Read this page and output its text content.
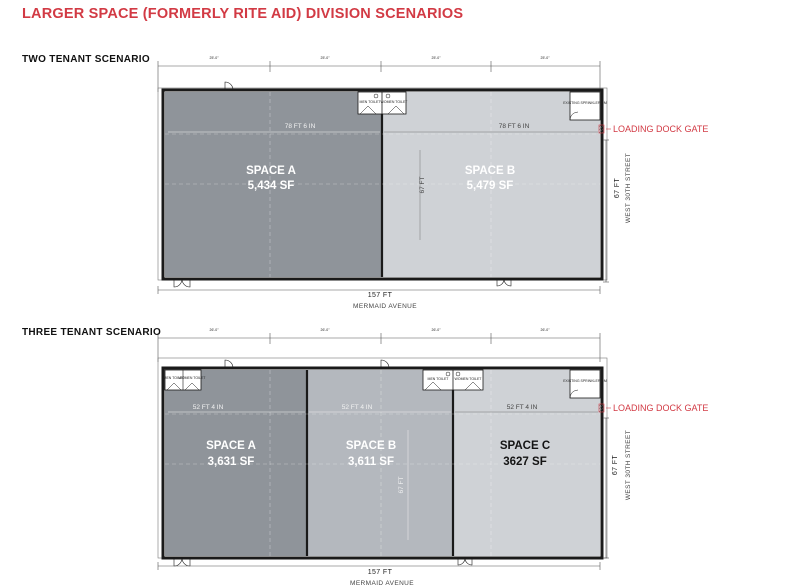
LARGER SPACE (FORMERLY RITE AID) DIVISION SCENARIOS
TWO TENANT SCENARIO
THREE TENANT SCENARIO
25'-0"	25'-0"	25'-0"	25'-0"
MEN TOILET WOMEN TOILET	EXISTING SPRINKLER RM
78 FT 6 IN	78 FT 6 IN
67 FT
SPACE A
5,434 SF
SPACE B
5,479 SF
LOADING DOCK GATE
67 FT WEST 30TH STREET
157 FT
MERMAID AVENUE
26'-0"	26'-0"	26'-0"	26'-0"
MEN TOILET
WOMEN TOILET	MEN TOILET WOMEN TOILET	EXISTING SPRINKLER RM
52 FT 4 IN	52 FT 4 IN	52 FT 4 IN
67 FT
SPACE A
3,631 SF
SPACE B
3,611 SF
SPACE C
3627 SF
LOADING DOCK GATE
67 FT WEST 30TH STREET
157 FT
MERMAID AVENUE
